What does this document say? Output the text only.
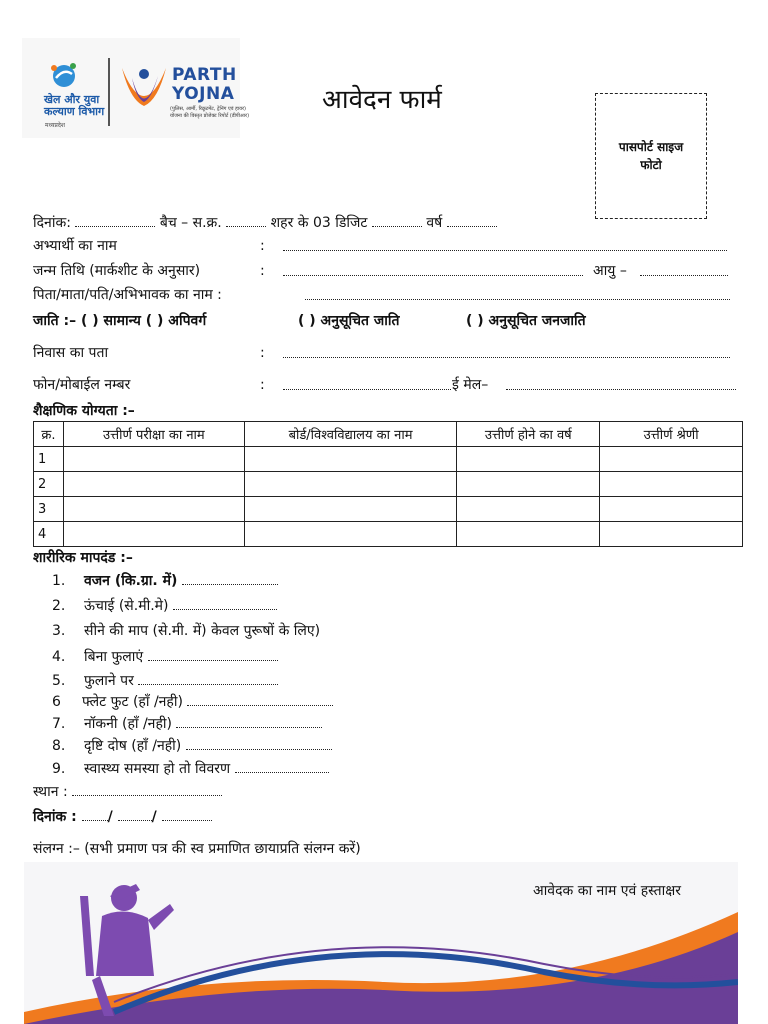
खेल और युवा
कल्याण विभाग
मध्यप्रदेश
PARTH
YOJNA
(पुलिस, आर्मी, रिक्रूटमेंट, ट्रेनिंग एवं हायर)
योजना की विस्तृत प्रोजेक्ट रिपोर्ट (डीपीआर)
आवेदन फार्म
पासपोर्ट साइज
फोटो
दिनांक:	बैच – स.क्र.	शहर के 03 डिजिट	वर्ष
अभ्यार्थी का नाम	:
जन्म तिथि (मार्कशीट के अनुसार)	:	आयु –
पिता/माता/पति/अभिभावक का नाम :
जाति :– ( ) सामान्य ( ) अपिवर्ग	( ) अनुसूचित जाति	( ) अनुसूचित जनजाति
निवास का पता	:
फोन/मोबाईल नम्बर	:	ई मेल–
शैक्षणिक योग्यता :–
क्र.	उत्तीर्ण परीक्षा का नाम	बोर्ड/विश्वविद्यालय का नाम	उत्तीर्ण होने का वर्ष	उत्तीर्ण श्रेणी
1				
2				
3				
4				
शारीरिक मापदंड :–
1. वजन (कि.ग्रा. में)
2. ऊंचाई (से.मी.मे)
3. सीने की माप (से.मी. में) केवल पुरूषों के लिए)
4. बिना फुलाएं
5. फुलाने पर
6 फ्लेट फुट (हॉं /नही)
7. नॉकनी (हॉं /नही)
8. दृष्टि दोष (हॉं /नही)
9. स्वास्थ्य समस्या हो तो विवरण
स्थान :
दिनांक : /	/
संलग्न :– (सभी प्रमाण पत्र की स्व प्रमाणित छायाप्रति संलग्न करें)
आवेदक का नाम एवं हस्ताक्षर
